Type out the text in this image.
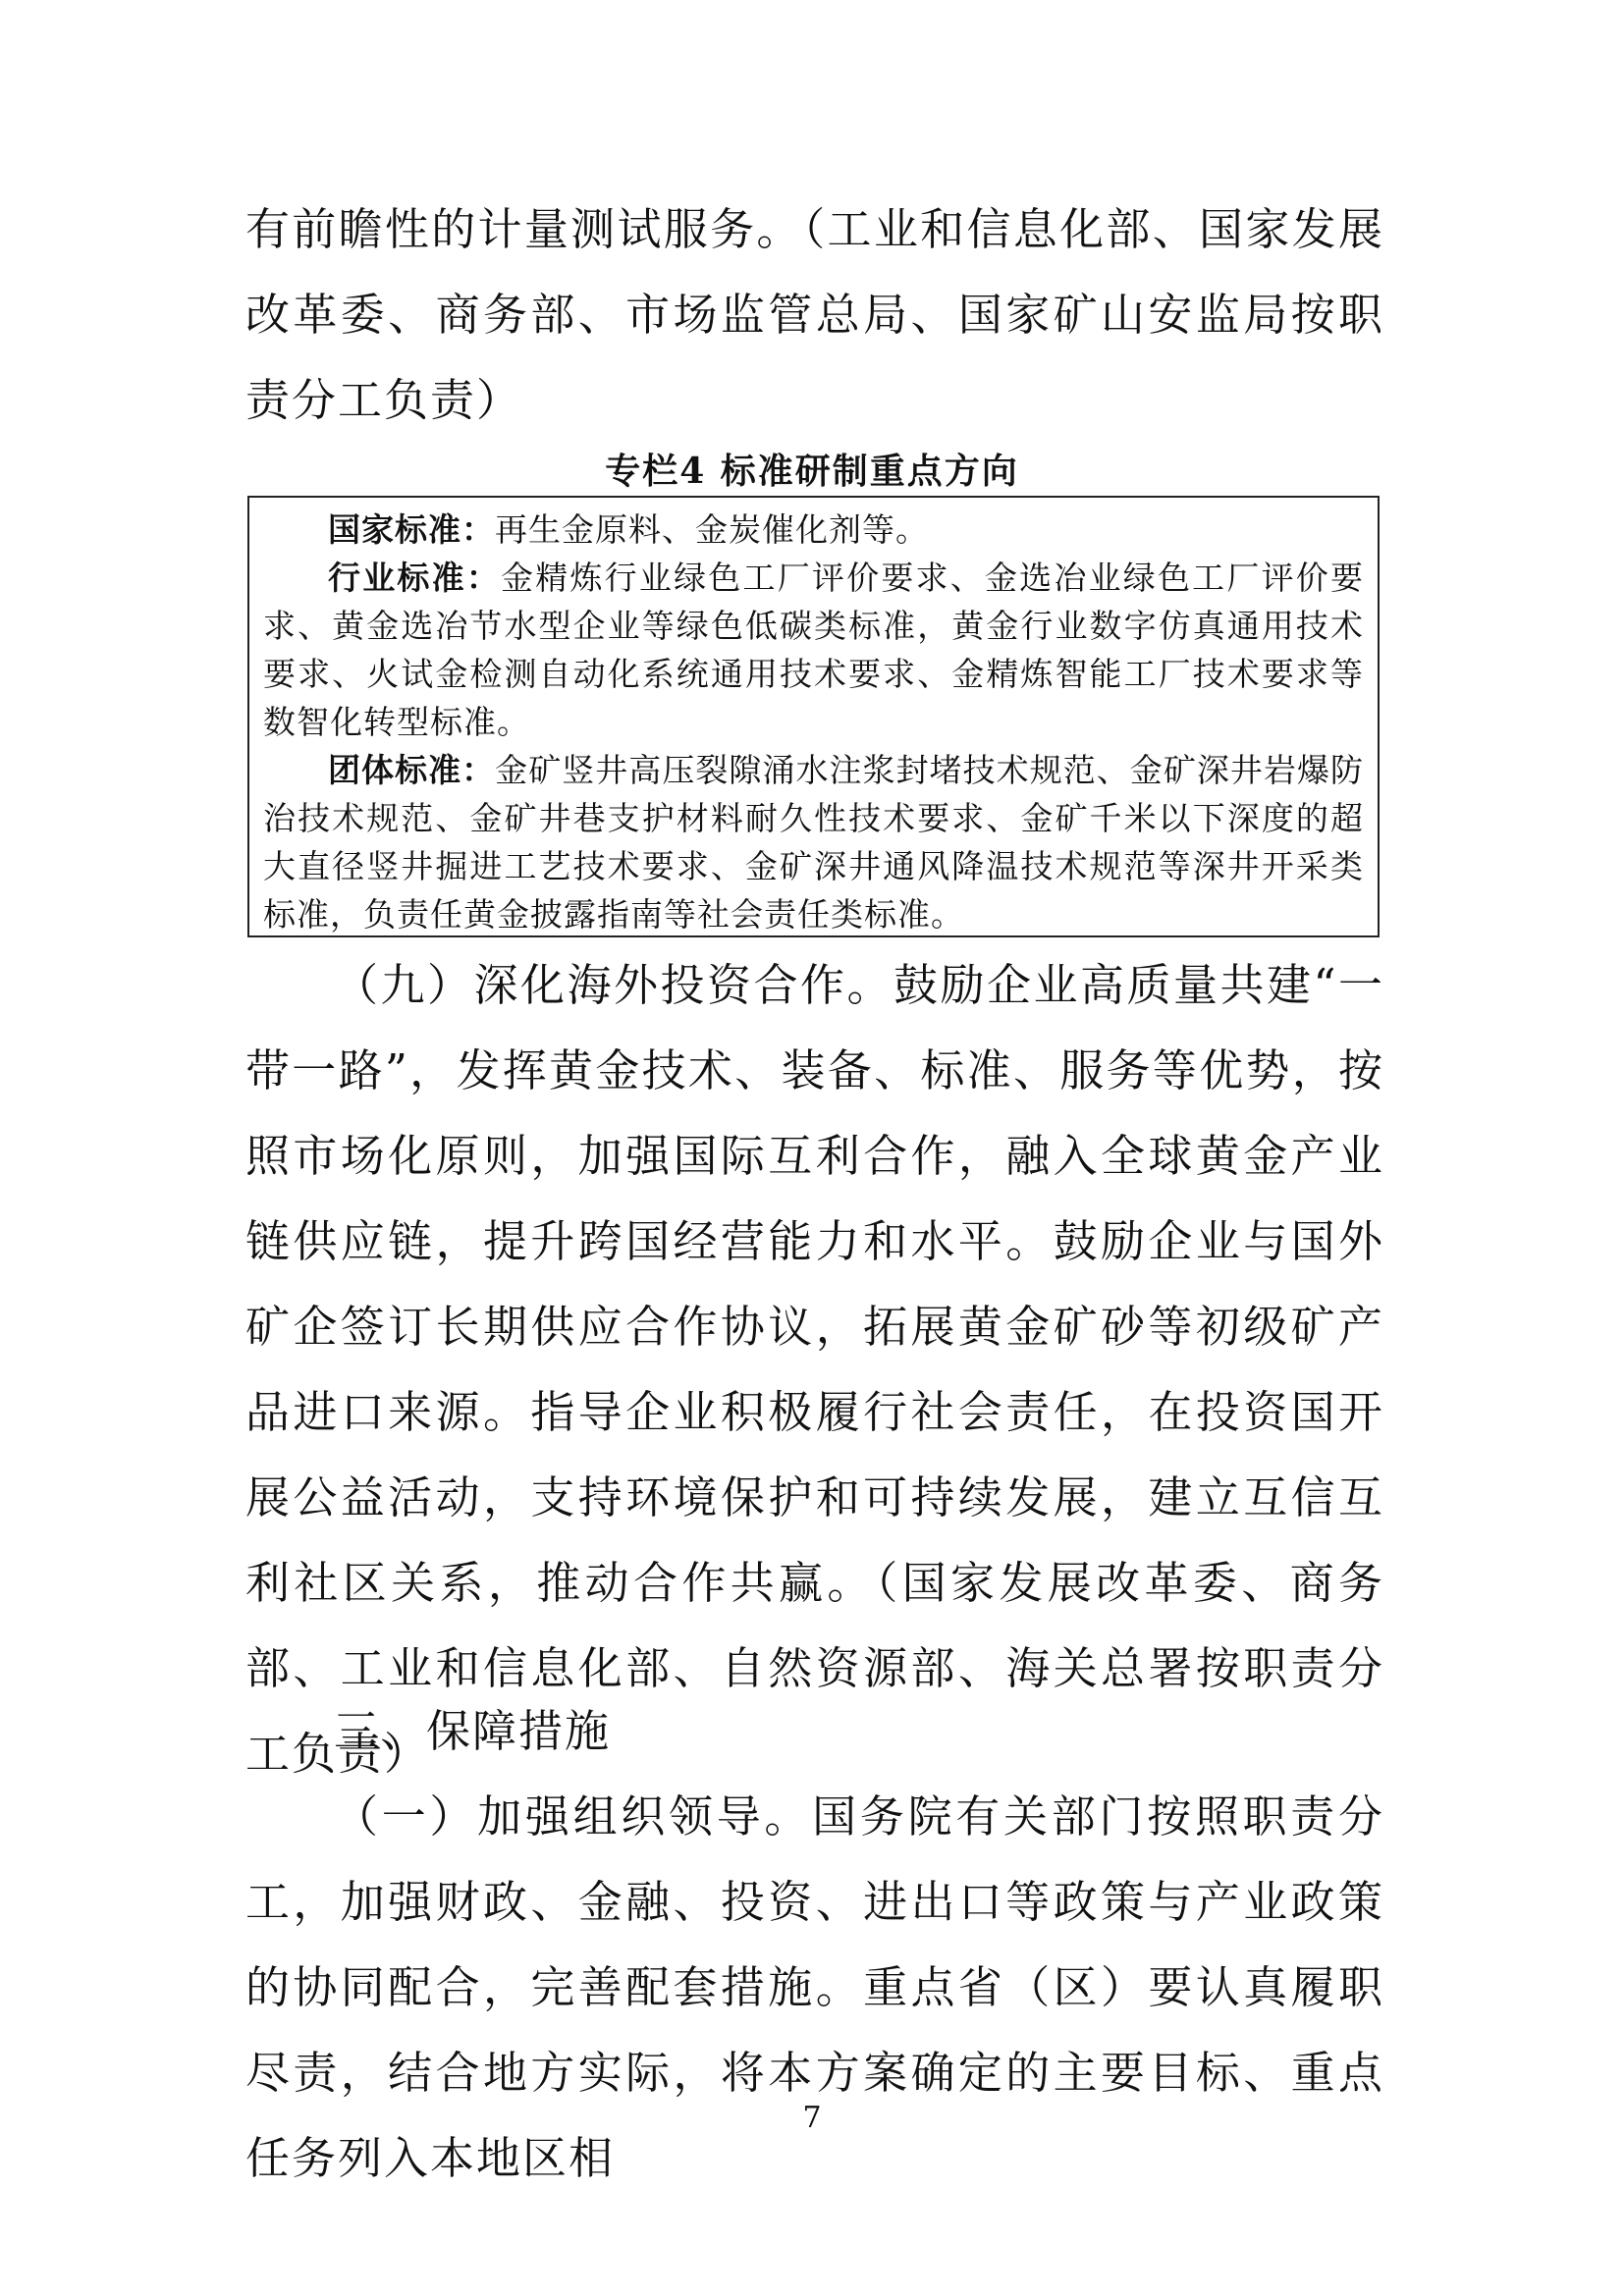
有前瞻性的计量测试服务。（工业和信息化部、国家发展改革委、商务部、市场监管总局、国家矿山安监局按职责分工负责）

专栏4 标准研制重点方向

国家标准：再生金原料、金炭催化剂等。

行业标准：金精炼行业绿色工厂评价要求、金选冶业绿色工厂评价要求、黄金选冶节水型企业等绿色低碳类标准，黄金行业数字仿真通用技术要求、火试金检测自动化系统通用技术要求、金精炼智能工厂技术要求等数智化转型标准。

团体标准：金矿竖井高压裂隙涌水注浆封堵技术规范、金矿深井岩爆防治技术规范、金矿井巷支护材料耐久性技术要求、金矿千米以下深度的超大直径竖井掘进工艺技术要求、金矿深井通风降温技术规范等深井开采类标准，负责任黄金披露指南等社会责任类标准。

（九）深化海外投资合作。鼓励企业高质量共建“一带一路”，发挥黄金技术、装备、标准、服务等优势，按照市场化原则，加强国际互利合作，融入全球黄金产业链供应链，提升跨国经营能力和水平。鼓励企业与国外矿企签订长期供应合作协议，拓展黄金矿砂等初级矿产品进口来源。指导企业积极履行社会责任，在投资国开展公益活动，支持环境保护和可持续发展，建立互信互利社区关系，推动合作共赢。（国家发展改革委、商务部、工业和信息化部、自然资源部、海关总署按职责分工负责）

三、保障措施

（一）加强组织领导。国务院有关部门按照职责分工，加强财政、金融、投资、进出口等政策与产业政策的协同配合，完善配套措施。重点省（区）要认真履职尽责，结合地方实际，将本方案确定的主要目标、重点任务列入本地区相

7
